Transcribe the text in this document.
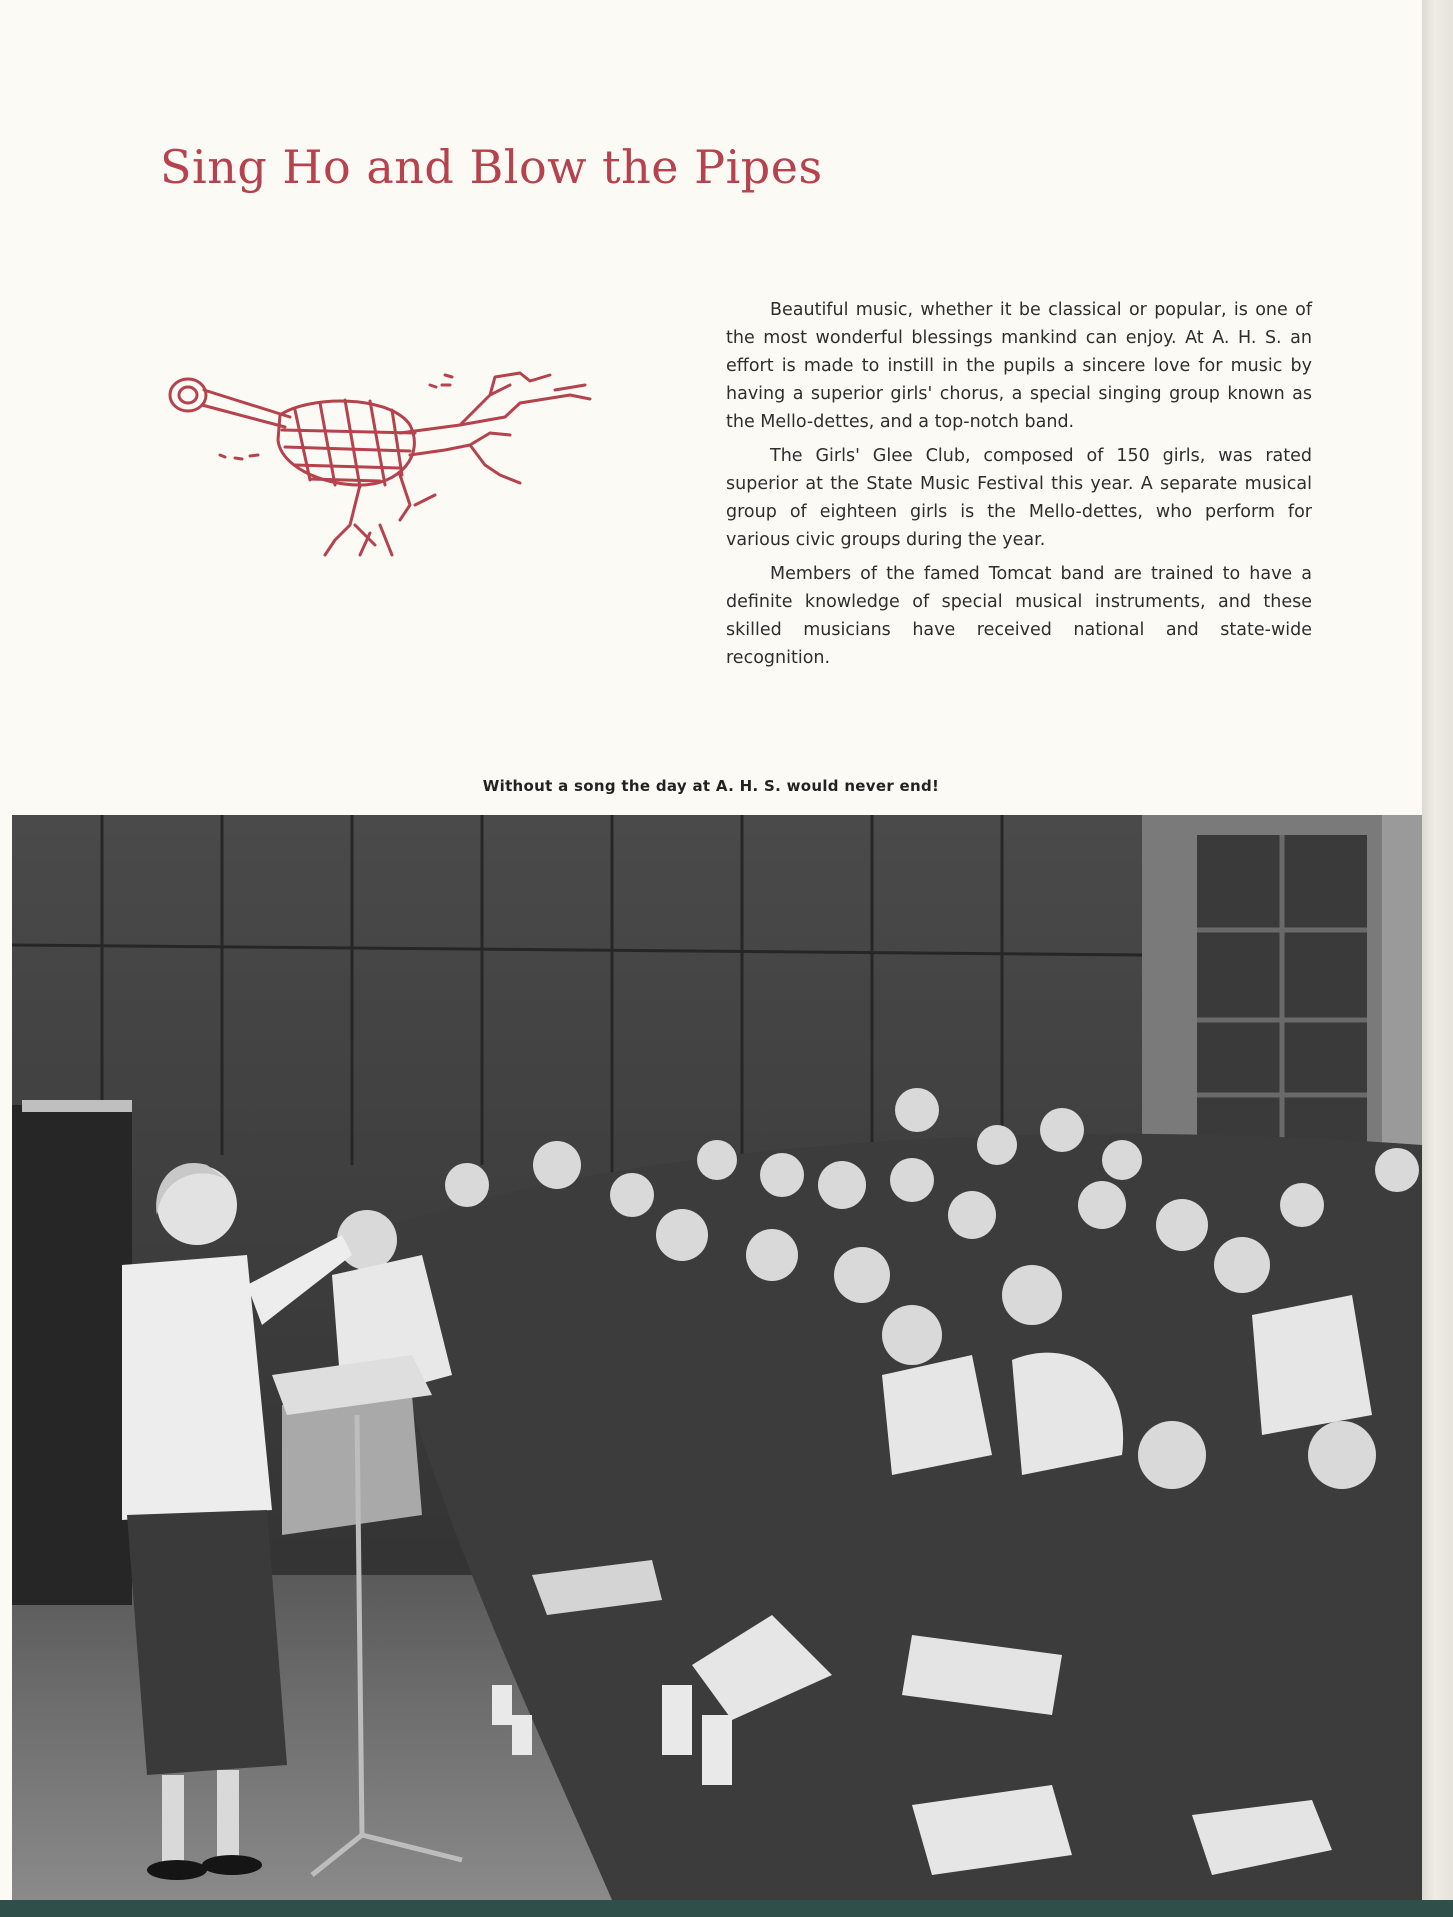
Sing Ho and Blow the Pipes

Beautiful music, whether it be classical or popular, is one of the most wonderful blessings mankind can enjoy. At A. H. S. an effort is made to instill in the pupils a sincere love for music by having a superior girls' chorus, a special singing group known as the Mello-dettes, and a top-notch band.

The Girls' Glee Club, composed of 150 girls, was rated superior at the State Music Festival this year. A separate musical group of eighteen girls is the Mello-dettes, who perform for various civic groups during the year.

Members of the famed Tomcat band are trained to have a definite knowledge of special musical instruments, and these skilled musicians have received national and state-wide recognition.

Without a song the day at A. H. S. would never end!
